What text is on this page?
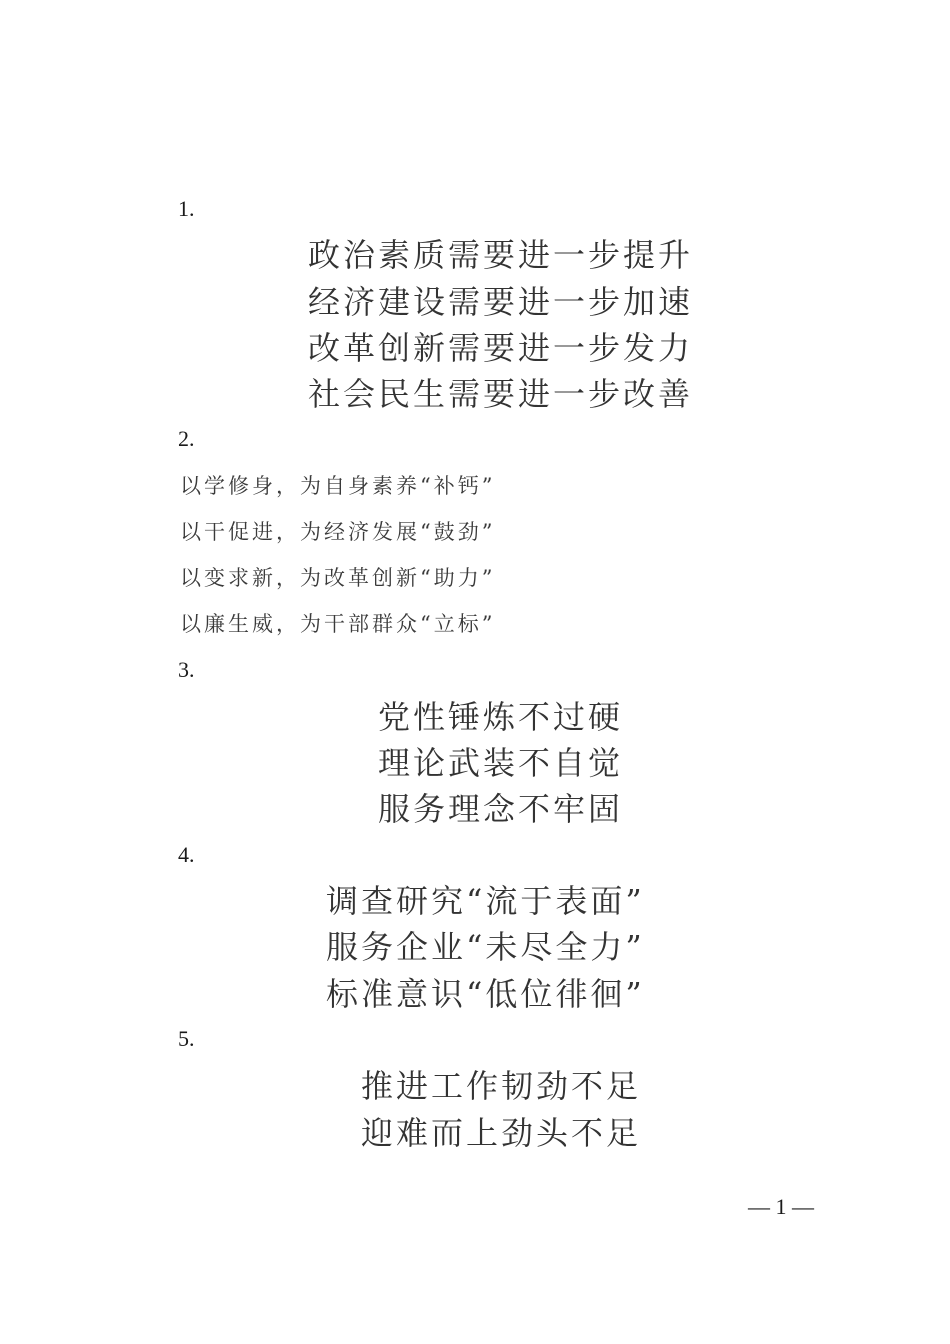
1.
政治素质需要进一步提升
经济建设需要进一步加速
改革创新需要进一步发力
社会民生需要进一步改善
2.
以学修身，为自身素养“补钙”
以干促进，为经济发展“鼓劲”
以变求新，为改革创新“助力”
以廉生威，为干部群众“立标”
3.
党性锤炼不过硬
理论武装不自觉
服务理念不牢固
4.
调查研究“流于表面”
服务企业“未尽全力”
标准意识“低位徘徊”
5.
推进工作韧劲不足
迎难而上劲头不足
— 1 —
